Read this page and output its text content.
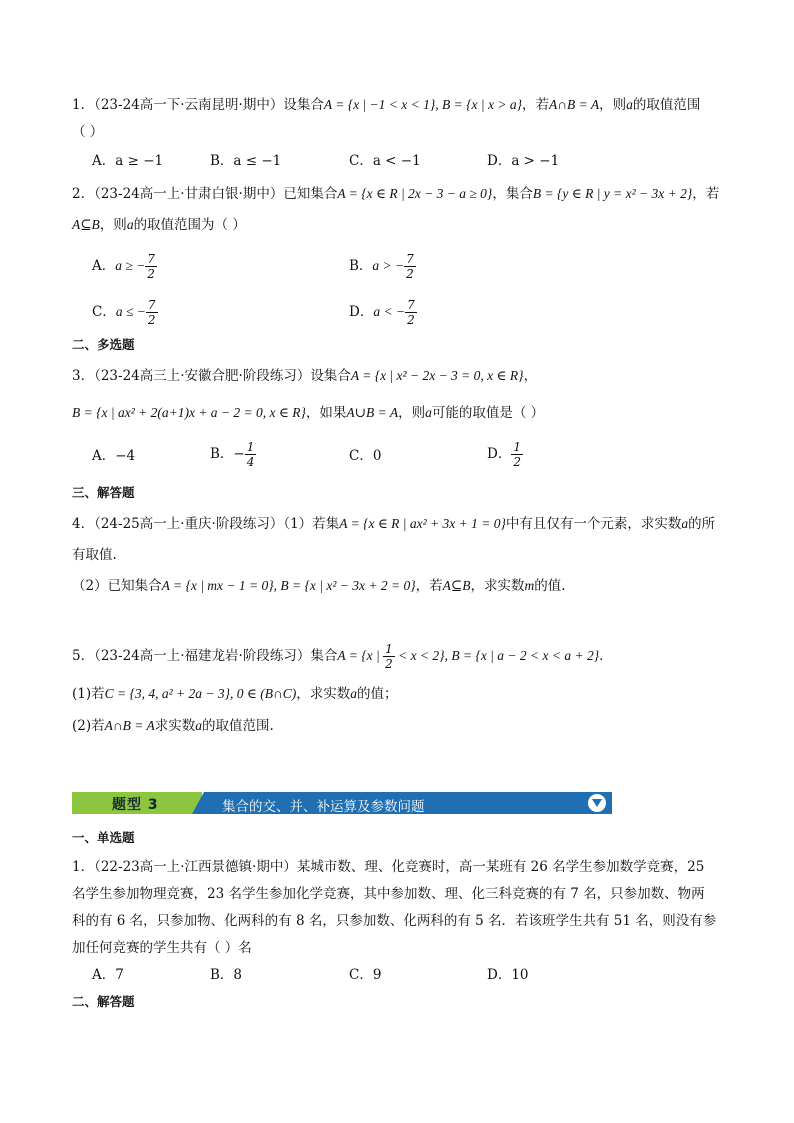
1．（23-24高一下·云南昆明·期中）设集合A = {x | −1 < x < 1}, B = {x | x > a}，若A∩B = A，则a的取值范围
（ ）
A．a ≥ −1	B．a ≤ −1	C．a < −1	D．a > −1
2．（23-24高一上·甘肃白银·期中）已知集合A = {x ∈ R | 2x − 3 − a ≥ 0}，集合B = {y ∈ R | y = x² − 3x + 2}，若
A⊆B，则a的取值范围为（ ）
A．a ≥ − $\frac{7}{2}$	B．a > − $\frac{7}{2}$
C．a ≤ − $\frac{7}{2}$	D．a < − $\frac{7}{2}$
二、多选题
3．（23-24高三上·安徽合肥·阶段练习）设集合A = {x | x² − 2x − 3 = 0, x ∈ R}，
B = {x | ax² + 2(a+1)x + a − 2 = 0, x ∈ R}，如果A∪B = A，则a可能的取值是（ ）
A．−4	B．− $\frac{1}{4}$	C．0	D． $\frac{1}{2}$
三、解答题
4．（24-25高一上·重庆·阶段练习）（1）若集A = {x ∈ R | ax² + 3x + 1 = 0}中有且仅有一个元素，求实数a的所
有取值.
（2）已知集合A = {x | mx − 1 = 0}, B = {x | x² − 3x + 2 = 0}，若A⊆B，求实数m的值.
5．（23-24高一上·福建龙岩·阶段练习）集合A = {x | $\frac{1}{2} < x < 2$}, B = {x | a − 2 < x < a + 2}．
(1)若C = {3, 4, a² + 2a − 3}, 0 ∈ (B∩C)，求实数a的值；
(2)若A∩B = A求实数a的取值范围.
题型 3	集合的交、并、补运算及参数问题
一、单选题
1．（22-23高一上·江西景德镇·期中）某城市数、理、化竞赛时，高一某班有 26 名学生参加数学竞赛，25
名学生参加物理竞赛，23 名学生参加化学竞赛，其中参加数、理、化三科竞赛的有 7 名，只参加数、物两
科的有 6 名，只参加物、化两科的有 8 名，只参加数、化两科的有 5 名．若该班学生共有 51 名，则没有参
加任何竞赛的学生共有（ ）名
A．7	B．8	C．9	D．10
二、解答题
